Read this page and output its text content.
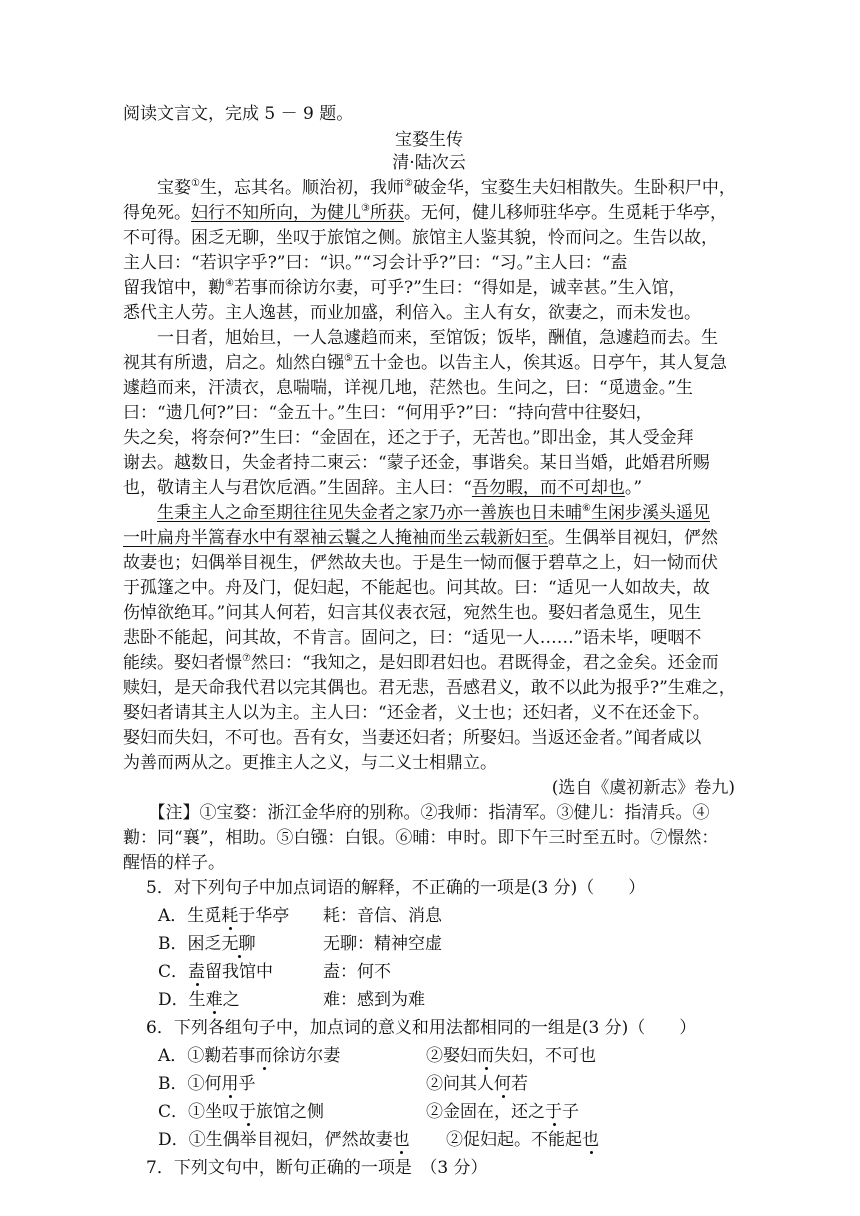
阅读文言文，完成 5 － 9 题。
宝婺生传
清·陆次云
　　宝婺①生，忘其名。顺治初，我师②破金华，宝婺生夫妇相散失。生卧积尸中，
得免死。妇行不知所向，为健儿③所获。无何，健儿移师驻华亭。生觅耗于华亭，
不可得。困乏无聊，坐叹于旅馆之侧。旅馆主人鉴其貌，怜而问之。生告以故，
主人曰：“若识字乎?”曰：“识。”“习会计乎?”曰：“习。”主人曰：“盍
留我馆中，勷④若事而徐访尔妻，可乎?”生曰：“得如是，诚幸甚。”生入馆，
悉代主人劳。主人逸甚，而业加盛，利倍入。主人有女，欲妻之，而未发也。
　　一日者，旭始旦，一人急遽趋而来，至馆饭；饭毕，酬值，急遽趋而去。生
视其有所遗，启之。灿然白镪⑤五十金也。以告主人，俟其返。日亭午，其人复急
遽趋而来，汗渍衣，息喘喘，详视几地，茫然也。生问之，曰：“觅遗金。”生
曰：“遗几何?”曰：“金五十。”生曰：“何用乎?”曰：“持向营中往娶妇，
失之矣，将奈何?”生曰：“金固在，还之于子，无苦也。”即出金，其人受金拜
谢去。越数日，失金者持二柬云：“蒙子还金，事谐矣。某日当婚，此婚君所赐
也，敬请主人与君饮卮酒。”生固辞。主人曰：“吾勿暇，而不可却也。”
　　生秉主人之命至期往往见失金者之家乃亦一善族也日未晡⑥生闲步溪头遥见
一叶扁舟半篙春水中有翠袖云鬟之人掩袖而坐云载新妇至。生偶举目视妇，俨然
故妻也；妇偶举目视生，俨然故夫也。于是生一恸而偃于碧草之上，妇一恸而伏
于孤篷之中。舟及门，促妇起，不能起也。问其故。曰：“适见一人如故夫，故
伤悼欲绝耳。”问其人何若，妇言其仪表衣冠，宛然生也。娶妇者急觅生，见生
悲卧不能起，问其故，不肯言。固问之，曰：“适见一人……”语未毕，哽咽不
能续。娶妇者憬⑦然曰：“我知之，是妇即君妇也。君既得金，君之金矣。还金而
赎妇，是天命我代君以完其偶也。君无悲，吾感君义，敢不以此为报乎?”生难之，
娶妇者请其主人以为主。主人曰：“还金者，义士也；还妇者，义不在还金下。
娶妇而失妇，不可也。吾有女，当妻还妇者；所娶妇。当返还金者。”闻者咸以
为善而两从之。更推主人之义，与二义士相鼎立。
(选自《虞初新志》卷九)
　　【注】①宝婺：浙江金华府的别称。②我师：指清军。③健儿：指清兵。④
勷：同“襄”，相助。⑤白镪：白银。⑥晡：申时。即下午三时至五时。⑦憬然：
醒悟的样子。
5．对下列句子中加点词语的解释，不正确的一项是(3 分)（　　）
A．生觅耗于华亭 耗：音信、消息
B．困乏无聊	无聊：精神空虚
C．盍留我馆中	盍：何不
D．生难之	难：感到为难
6．下列各组句子中，加点词的意义和用法都相同的一组是(3 分)（　　）
A．①勷若事而徐访尔妻	②娶妇而失妇，不可也
B．①何用乎	②问其人何若
C．①坐叹于旅馆之侧	②金固在，还之于子
D．①生偶举目视妇，俨然故妻也 ②促妇起。不能起也
7．下列文句中，断句正确的一项是　（3 分）
